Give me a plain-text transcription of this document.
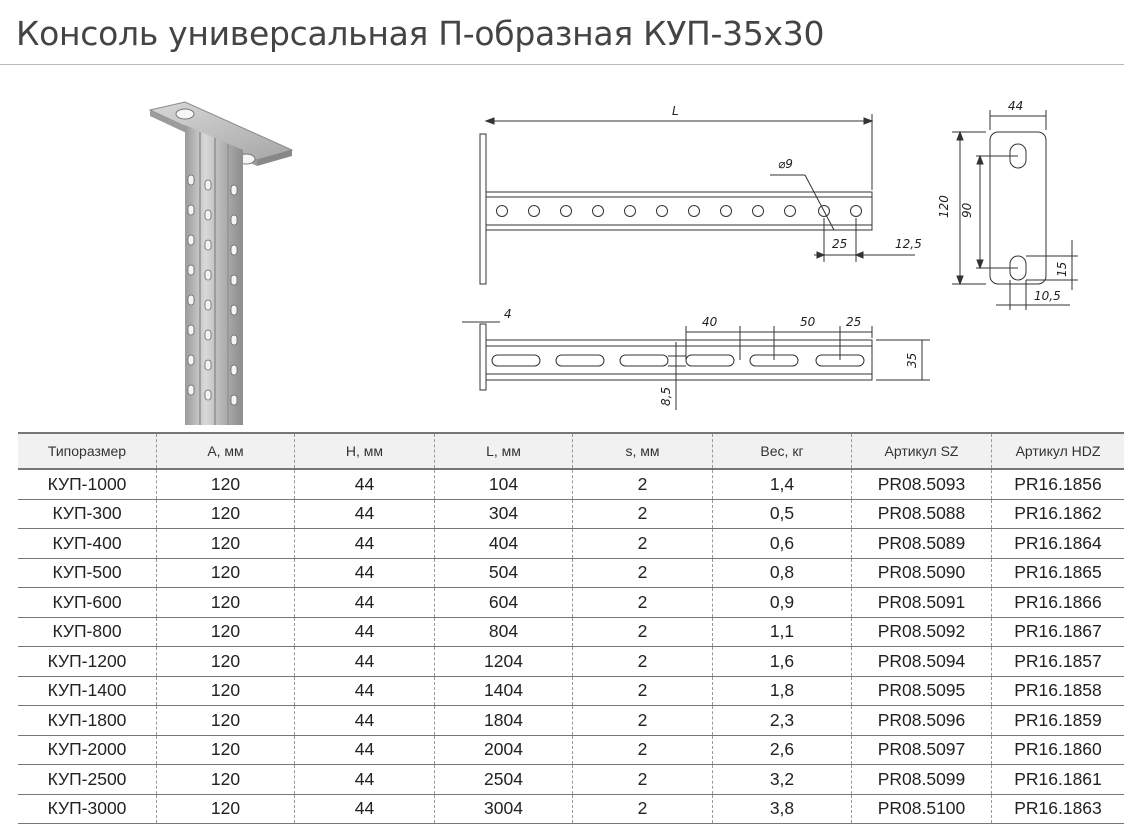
Консоль универсальная П-образная КУП-35x30
L
⌀9
25	12,5
44
120 90
15
10,5
4
40	50	25
35
8,5
Типоразмер	A, мм	H, мм	L, мм	s, мм	Вес, кг	Артикул SZ	Артикул HDZ
КУП-1000	120	44	104	2	1,4	PR08.5093	PR16.1856
КУП-300	120	44	304	2	0,5	PR08.5088	PR16.1862
КУП-400	120	44	404	2	0,6	PR08.5089	PR16.1864
КУП-500	120	44	504	2	0,8	PR08.5090	PR16.1865
КУП-600	120	44	604	2	0,9	PR08.5091	PR16.1866
КУП-800	120	44	804	2	1,1	PR08.5092	PR16.1867
КУП-1200	120	44	1204	2	1,6	PR08.5094	PR16.1857
КУП-1400	120	44	1404	2	1,8	PR08.5095	PR16.1858
КУП-1800	120	44	1804	2	2,3	PR08.5096	PR16.1859
КУП-2000	120	44	2004	2	2,6	PR08.5097	PR16.1860
КУП-2500	120	44	2504	2	3,2	PR08.5099	PR16.1861
КУП-3000	120	44	3004	2	3,8	PR08.5100	PR16.1863
